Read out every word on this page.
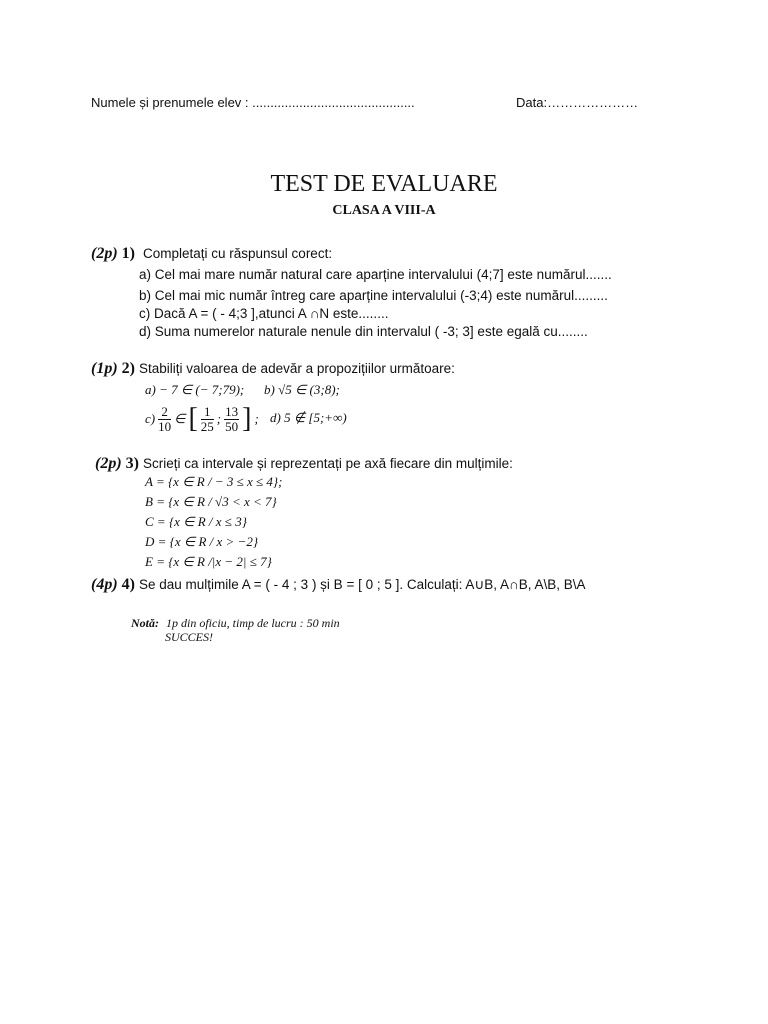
Numele și prenumele elev : .............................................	Data:…………………
TEST DE EVALUARE
CLASA A VIII-A
(2p) 1) Completați cu răspunsul corect:
a) Cel mai mare număr natural care aparține intervalului (4;7] este numărul.......
b) Cel mai mic număr întreg care aparține intervalului (-3;4) este numărul.........
c) Dacă A = ( - 4;3 ],atunci A ∩N este........
d) Suma numerelor naturale nenule din intervalul ( -3; 3] este egală cu........
(1p) 2) Stabiliți valoarea de adevăr a propozițiilor următoare:
a) − 7 ∈ (− 7;79); b) √5 ∈ (3;8);
$c) \frac{2}{10}$ ∈ [ $\frac{1}{25}$ ; $\frac{13}{50}$ ] ; d) 5 ∉ [5;+∞)
(2p) 3) Scrieți ca intervale și reprezentați pe axă fiecare din mulțimile:
A = {x ∈ R / − 3 ≤ x ≤ 4};
B = {x ∈ R / √3 < x < 7}
C = {x ∈ R / x ≤ 3}
D = {x ∈ R / x > −2}
E = {x ∈ R /|x − 2| ≤ 7}
(4p) 4) Se dau mulțimile A = ( - 4 ; 3 ) și B = [ 0 ; 5 ]. Calculați: A∪B, A∩B, A\B, B\A
Notă: 1p din oficiu, timp de lucru : 50 min
SUCCES!
